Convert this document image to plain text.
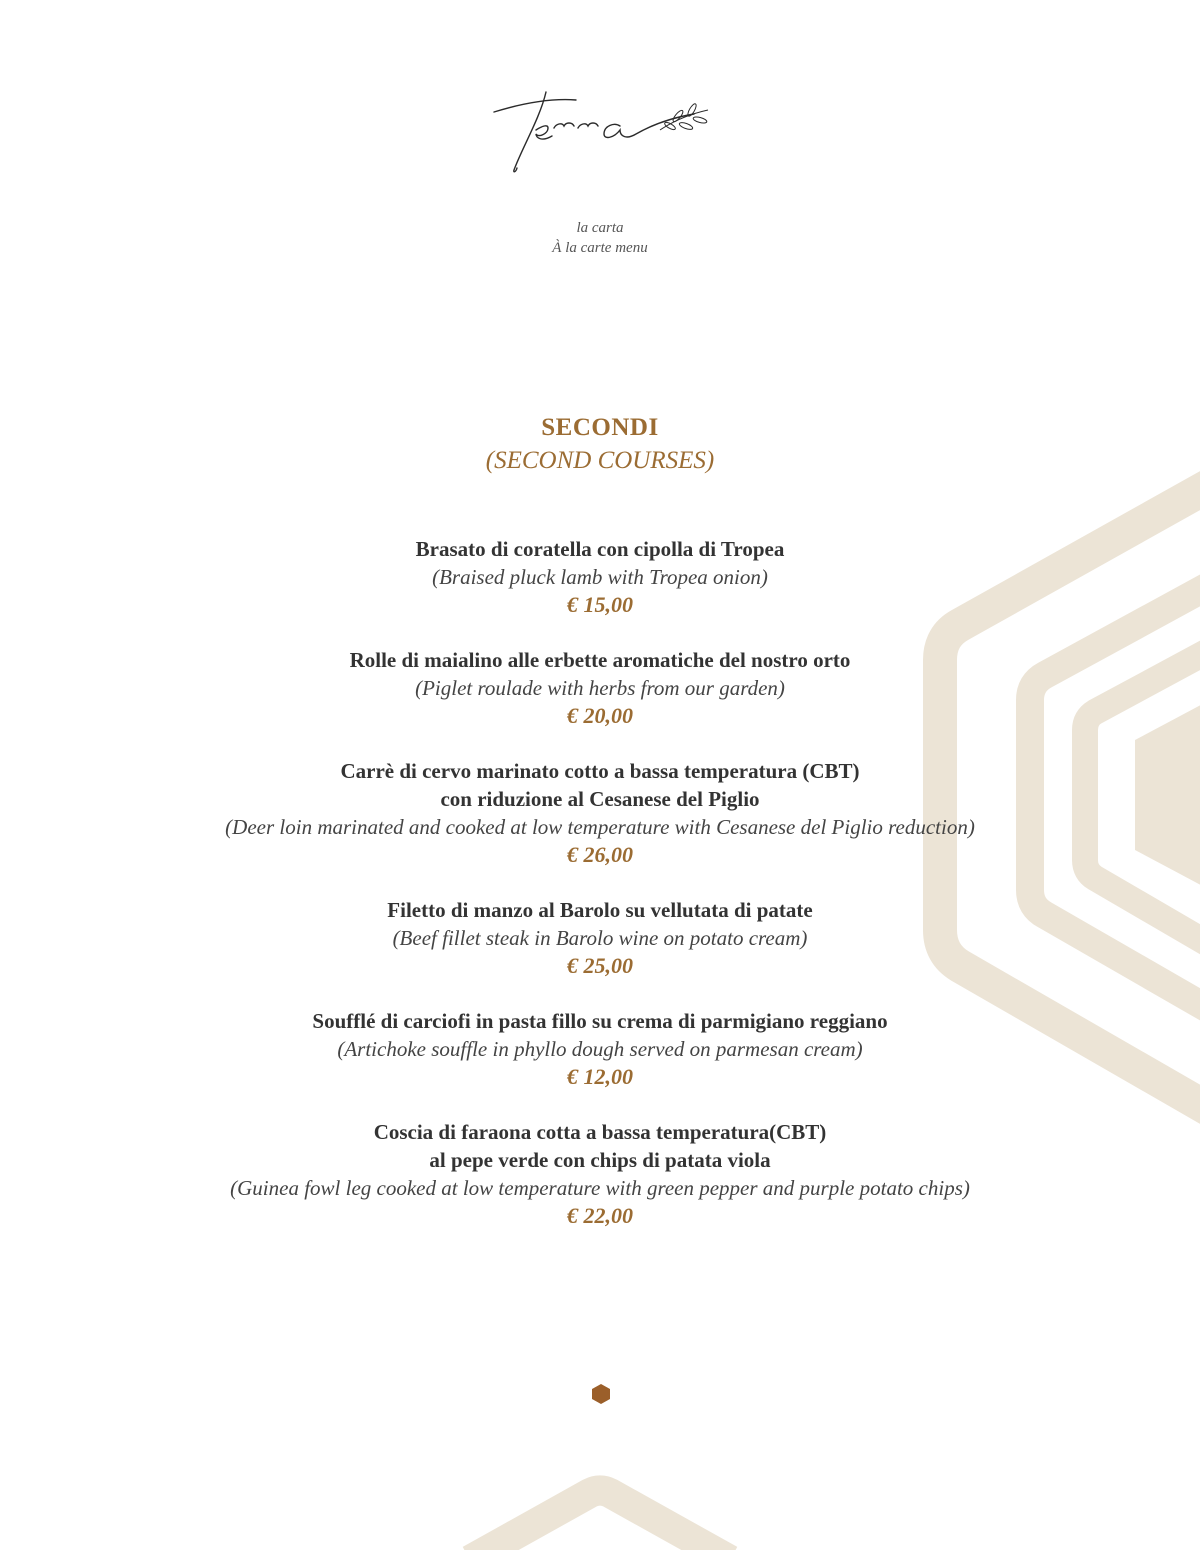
la carta
À la carte menu
SECONDI
(SECOND COURSES)
Brasato di coratella con cipolla di Tropea
(Braised pluck lamb with Tropea onion)
€ 15,00
Rolle di maialino alle erbette aromatiche del nostro orto
(Piglet roulade with herbs from our garden)
€ 20,00
Carrè di cervo marinato cotto a bassa temperatura (CBT)
con riduzione al Cesanese del Piglio
(Deer loin marinated and cooked at low temperature with Cesanese del Piglio reduction)
€ 26,00
Filetto di manzo al Barolo su vellutata di patate
(Beef fillet steak in Barolo wine on potato cream)
€ 25,00
Soufflé di carciofi in pasta fillo su crema di parmigiano reggiano
(Artichoke souffle in phyllo dough served on parmesan cream)
€ 12,00
Coscia di faraona cotta a bassa temperatura(CBT)
al pepe verde con chips di patata viola
(Guinea fowl leg cooked at low temperature with green pepper and purple potato chips)
€ 22,00
